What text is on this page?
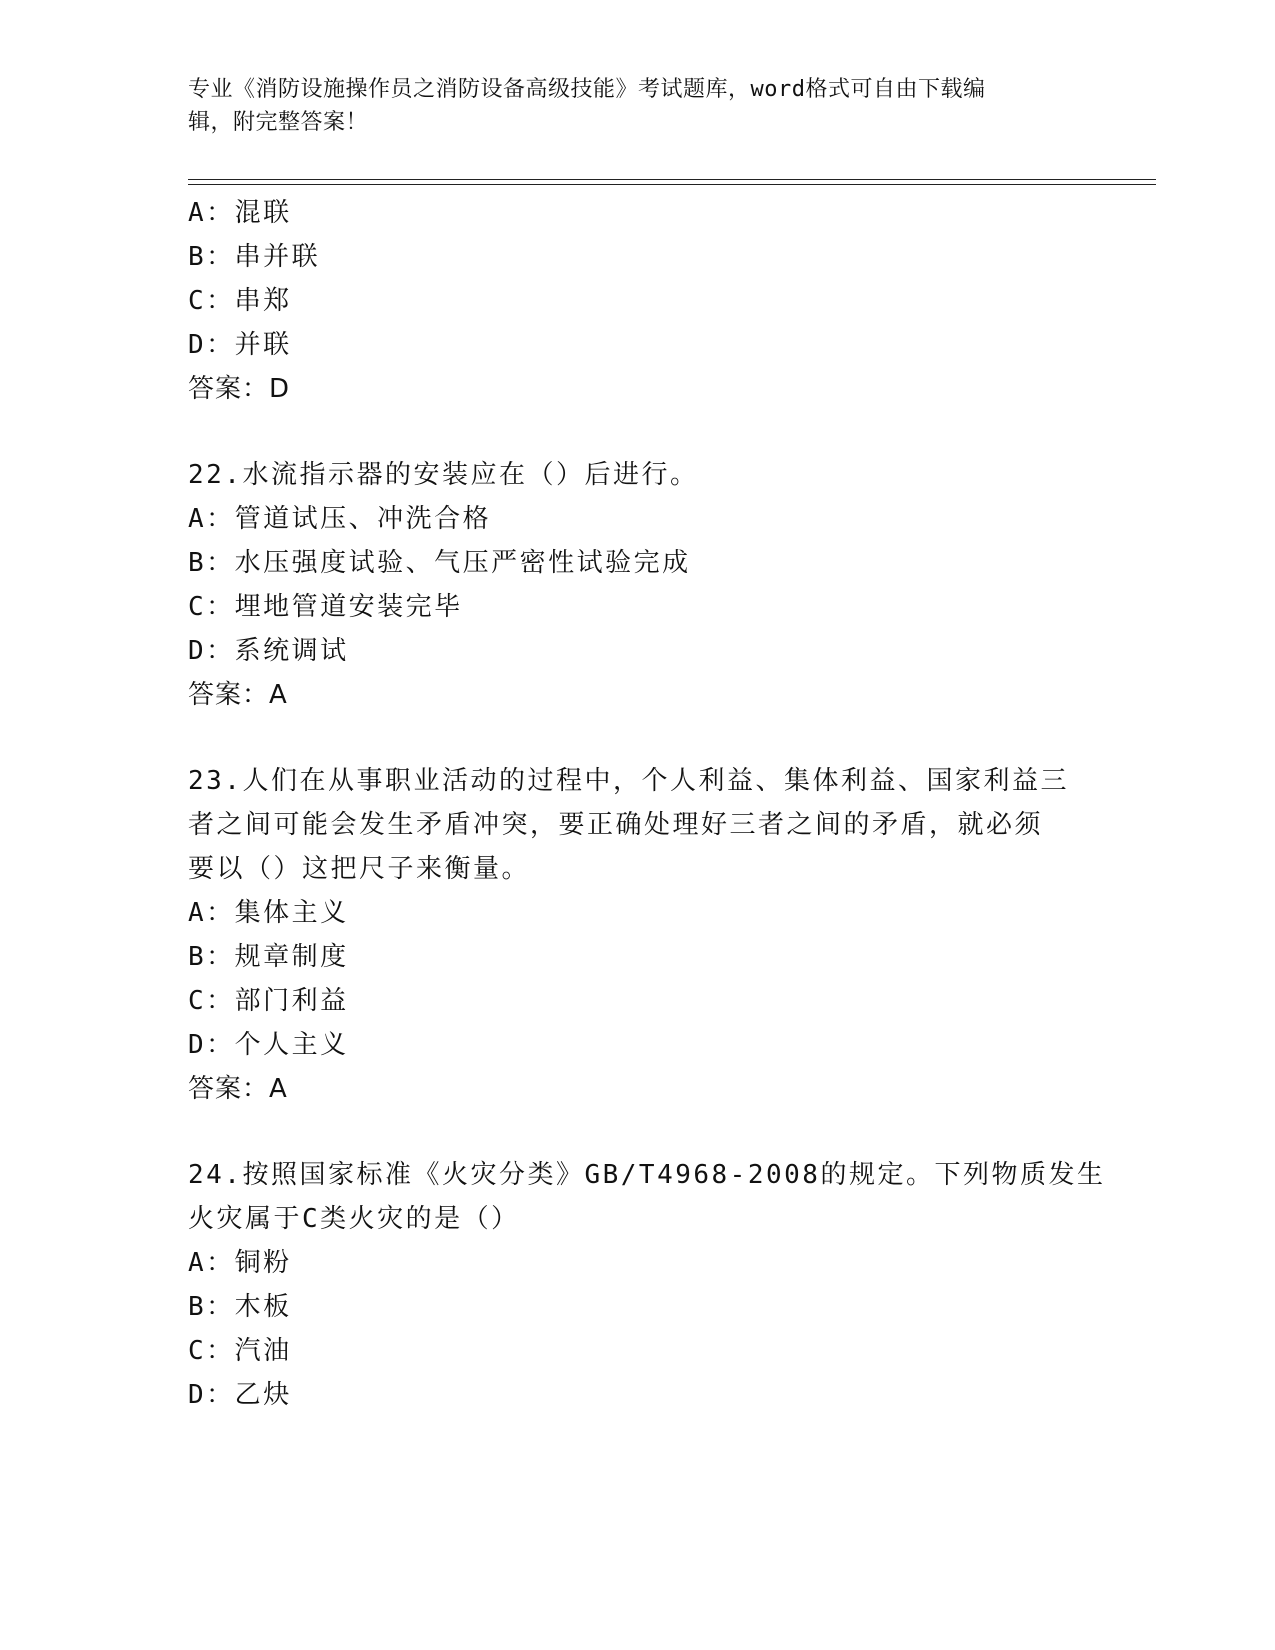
专业《消防设施操作员之消防设备高级技能》考试题库，word格式可自由下载编
辑，附完整答案！
A：混联
B：串并联
C：串郑
D：并联
答案：D
22.水流指示器的安装应在（）后进行。
A：管道试压、冲洗合格
B：水压强度试验、气压严密性试验完成
C：埋地管道安装完毕
D：系统调试
答案：A
23.人们在从事职业活动的过程中，个人利益、集体利益、国家利益三
者之间可能会发生矛盾冲突，要正确处理好三者之间的矛盾，就必须
要以（）这把尺子来衡量。
A：集体主义
B：规章制度
C：部门利益
D：个人主义
答案：A
24.按照国家标准《火灾分类》GB/T4968-2008的规定。下列物质发生
火灾属于C类火灾的是（）
A：铜粉
B：木板
C：汽油
D：乙炔
